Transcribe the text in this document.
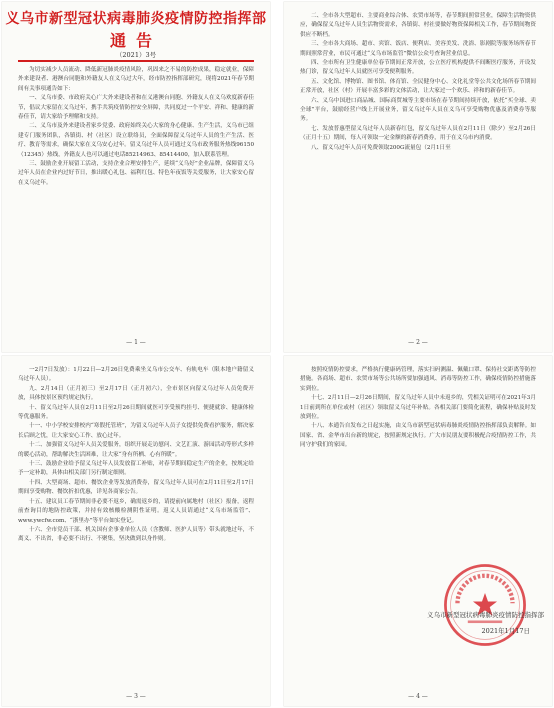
义乌市新型冠状病毒肺炎疫情防控指挥部
通告
（2021）3号

为切实减少人员流动、降低新冠肺炎疫情风险，巩固来之不易的防控成果，稳定就业，保障外来建设者、港澳台同胞和外籍友人在义乌过大年，经市防控指挥部研究，现将2021年春节期间有关事项通告如下：

一、义乌市委、市政府关心广大外来建设者和在义港澳台同胞、外籍友人在义乌欢度新春佳节，倡议大家留在义乌过年，携手共筑疫情防控安全屏障，共同度过一个平安、祥和、健康的新春佳节，请大家给予理解和支持。

二、义乌市及外来建设者家乡党委、政府始终关心大家的身心健康、生产生活，义乌市已组建专门服务团队，各镇街、村（社区）设立联络员，全面保障留义乌过年人员的生产生活、医疗、教育等需求，确保大家在义乌安心过年。留义乌过年人员可通过义乌市政务服务热线96150（12345）热线，外籍友人也可以通过电话85214963、85414400，加入联系管理。

三、鼓励企业开展留工活动，支持企业合理安排生产，延续“义乌好”企业品牌，保障留义乌过年人员在企业内过好节日，推出暖心礼包、福利红包、特色年夜饭等关爱服务，让大家安心留在义乌过年。

— 1 —

二、全市各大型超市、主要商业综合体、农贸市场等，春节期间照常营业，保障生活物资供应，确保留义乌过年人员生活物资需求，各镇街、村社要做好物资保障相关工作，春节期间物资供应不断档。

三、全市各大商场、超市、宾馆、饭店、便利店、美容美发、洗浴、影剧院等服务场所春节期间照常营业，市民可通过“义乌市场监管”微信公众号查询营业信息。

四、全市所有卫生健康单位春节期间正常开放，公立医疗机构提供不间断医疗服务，开设发热门诊，留义乌过年人员就医可享受便利服务。

五、文化馆、博物馆、图书馆、体育馆、全民健身中心、文化礼堂等公共文化场所春节期间正常开放，社区（村）开展丰富多彩的文体活动，让大家过一个欢乐、祥和的新春佳节。

六、义乌中国进口商品城、国际商贸城等主要市场在春节期间持续开放，依托“买全球、卖全球”平台，鼓励经营户线上开展业务，留义乌过年人员在义乌可享受购物优惠及消费券等服务。

七、发放普惠型留义乌过年人员新春红包，留义乌过年人员在2月11日（除夕）至2月26日（正月十五）期间，每人可领取一定金额的新春消费券，用于在义乌市内消费。

八、留义乌过年人员可免费领取200G流量包（2月1日至

— 2 —

一2月7日发放）：1月22日—2月26日免费乘坐义乌市公交车、有轨电车（限本地户籍留义乌过年人员）。

九、2月14日（正月初三）至2月17日（正月初六），全市景区向留义乌过年人员免费开放，具体按景区预约规定执行。

十、留义乌过年人员在2月11日至2月26日期间就医可享受预约挂号、便捷就诊、健康体检等优惠服务。

十一、中小学校安排校内“寒假托管班”，为留义乌过年人员子女提供免费看护服务，解决家长后顾之忧，让大家安心工作、放心过年。

十二、加强留义乌过年人员关爱服务，组织开展走访慰问、文艺汇演、游园活动等形式多样的暖心活动，帮助解决生活困难，让大家“身有所栖、心有所暖”。

十三、鼓励企业给予留义乌过年人员发放留工补贴，对春节期间稳定生产的企业，按规定给予一定补助，具体由相关部门另行制定细则。

十四、大型商场、超市、餐饮企业等发放消费券，留义乌过年人员可在2月11日至2月17日期间享受购物、餐饮折扣优惠，详见各商家公告。

十五、建议员工春节期间非必要不返乡，确需返乡的，请提前向属地村（社区）报备，返程前查询目的地防控政策，并持有效核酸检测阴性证明。返义人员请通过“义乌市场监管”、www.ywcfw.com、“浙里办”等平台如实登记。

十六、全市党员干部、机关国有企事业单位人员（含教师、医护人员等）带头就地过年，不离义、不出省，非必要不出行、不聚集，坚决做到以身作则。

— 3 —

按照疫情防控要求，严格执行健康码管理，落实扫码测温、佩戴口罩、保持社交距离等防控措施。各商场、超市、农贸市场等公共场所要加强通风、消毒等防控工作，确保疫情防控措施落实到位。

十七、2月11日—2月26日期间，留义乌过年人员中未返乡的，凭相关证明可在2021年3月1日前到所在单位或村（社区）领取留义乌过年补贴。各相关部门要简化流程，确保补贴及时发放到位。

十八、本通告自发布之日起实施，由义乌市新型冠状病毒肺炎疫情防控指挥部负责解释。如国家、省、金华市出台新的规定，按照新规定执行。广大市民朋友要积极配合疫情防控工作，共同守护我们的家园。

义乌市新型冠状病毒肺炎疫情防控指挥部
2021年1月17日
— 4 —
